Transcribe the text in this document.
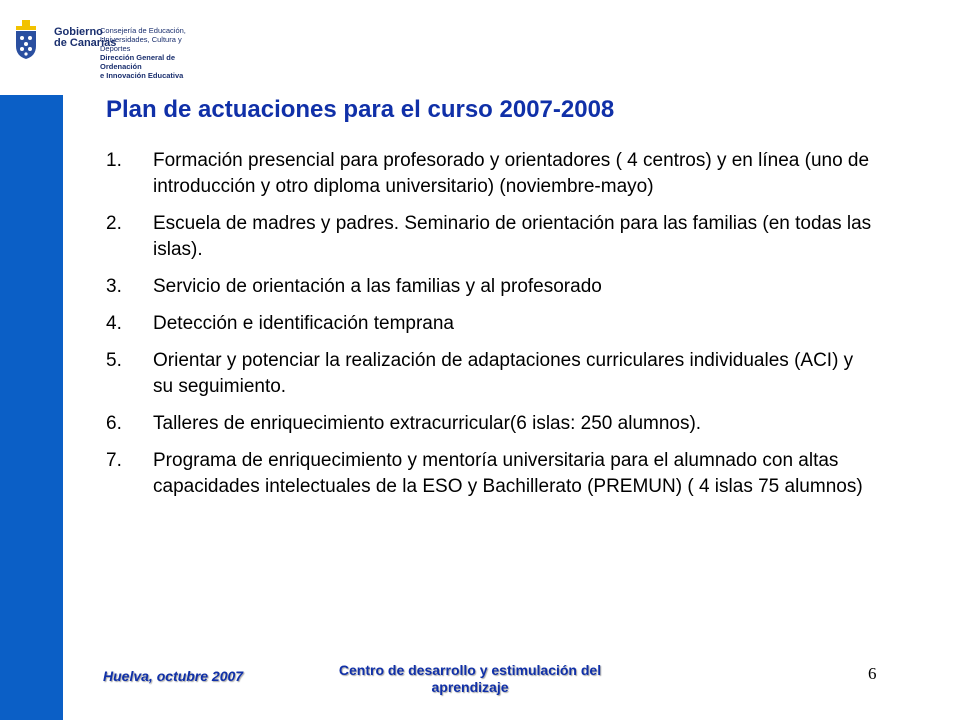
Gobierno
de Canarias
Consejería de Educación,
Universidades, Cultura y Deportes
Dirección General de Ordenación
e Innovación Educativa
Plan de actuaciones para el curso 2007-2008
1. Formación presencial para profesorado y orientadores ( 4 centros) y en línea (uno de introducción y otro diploma universitario) (noviembre-mayo)
2. Escuela de madres y padres. Seminario de orientación para las familias (en todas las islas).
3. Servicio de orientación a las familias y al profesorado
4. Detección e identificación temprana
5. Orientar y potenciar la realización de adaptaciones curriculares individuales (ACI) y su seguimiento.
6. Talleres de enriquecimiento extracurricular(6 islas: 250 alumnos).
7. Programa de enriquecimiento y mentoría universitaria para el alumnado con altas capacidades intelectuales de la ESO y Bachillerato (PREMUN) ( 4 islas 75 alumnos)
Huelva, octubre 2007	Centro de desarrollo y estimulación del aprendizaje
6
